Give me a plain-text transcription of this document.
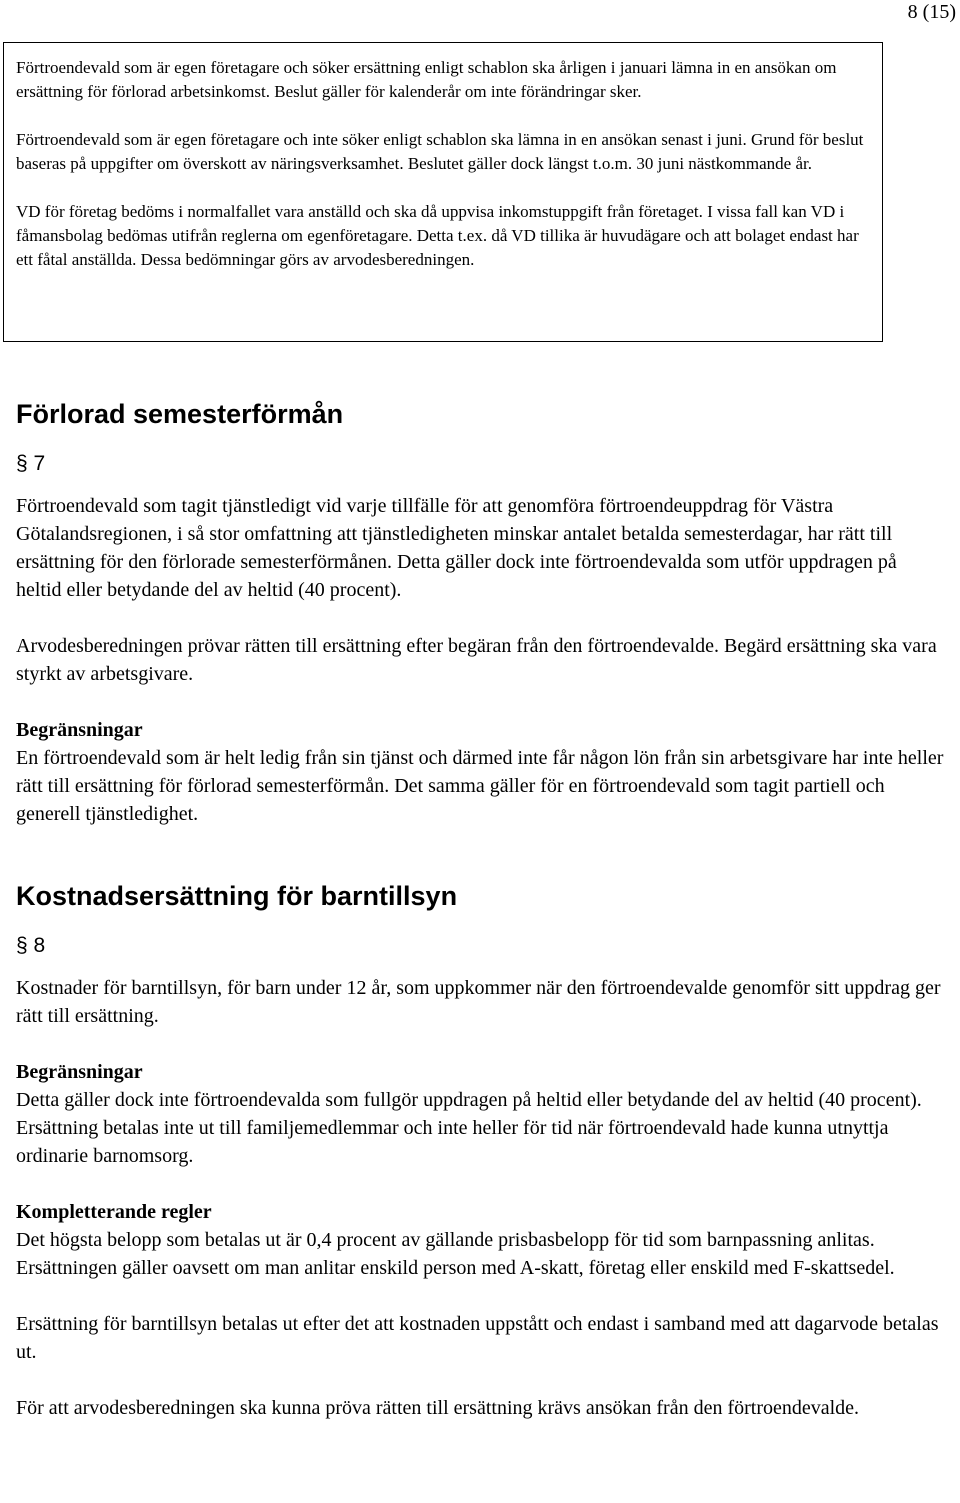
8 (15)

Förtroendevald som är egen företagare och söker ersättning enligt schablon ska årligen i januari lämna in en ansökan om ersättning för förlorad arbetsinkomst. Beslut gäller för kalenderår om inte förändringar sker.

Förtroendevald som är egen företagare och inte söker enligt schablon ska lämna in en ansökan senast i juni. Grund för beslut baseras på uppgifter om överskott av näringsverksamhet. Beslutet gäller dock längst t.o.m. 30 juni nästkommande år.

VD för företag bedöms i normalfallet vara anställd och ska då uppvisa inkomstuppgift från företaget. I vissa fall kan VD i fåmansbolag bedömas utifrån reglerna om egenföretagare. Detta t.ex. då VD tillika är huvudägare och att bolaget endast har ett fåtal anställda. Dessa bedömningar görs av arvodesberedningen.

Förlorad semesterförmån

§ 7

Förtroendevald som tagit tjänstledigt vid varje tillfälle för att genomföra förtroendeuppdrag för Västra Götalandsregionen, i så stor omfattning att tjänstledigheten minskar antalet betalda semesterdagar, har rätt till ersättning för den förlorade semesterförmånen. Detta gäller dock inte förtroendevalda som utför uppdragen på heltid eller betydande del av heltid (40 procent).

Arvodesberedningen prövar rätten till ersättning efter begäran från den förtroendevalde. Begärd ersättning ska vara styrkt av arbetsgivare.

Begränsningar

En förtroendevald som är helt ledig från sin tjänst och därmed inte får någon lön från sin arbetsgivare har inte heller rätt till ersättning för förlorad semesterförmån. Det samma gäller för en förtroendevald som tagit partiell och generell tjänstledighet.

Kostnadsersättning för barntillsyn

§ 8

Kostnader för barntillsyn, för barn under 12 år, som uppkommer när den förtroendevalde genomför sitt uppdrag ger rätt till ersättning.

Begränsningar

Detta gäller dock inte förtroendevalda som fullgör uppdragen på heltid eller betydande del av heltid (40 procent). Ersättning betalas inte ut till familjemedlemmar och inte heller för tid när förtroendevald hade kunna utnyttja ordinarie barnomsorg.

Kompletterande regler

Det högsta belopp som betalas ut är 0,4 procent av gällande prisbasbelopp för tid som barnpassning anlitas. Ersättningen gäller oavsett om man anlitar enskild person med A-skatt, företag eller enskild med F-skattsedel.

Ersättning för barntillsyn betalas ut efter det att kostnaden uppstått och endast i samband med att dagarvode betalas ut.

För att arvodesberedningen ska kunna pröva rätten till ersättning krävs ansökan från den förtroendevalde.
